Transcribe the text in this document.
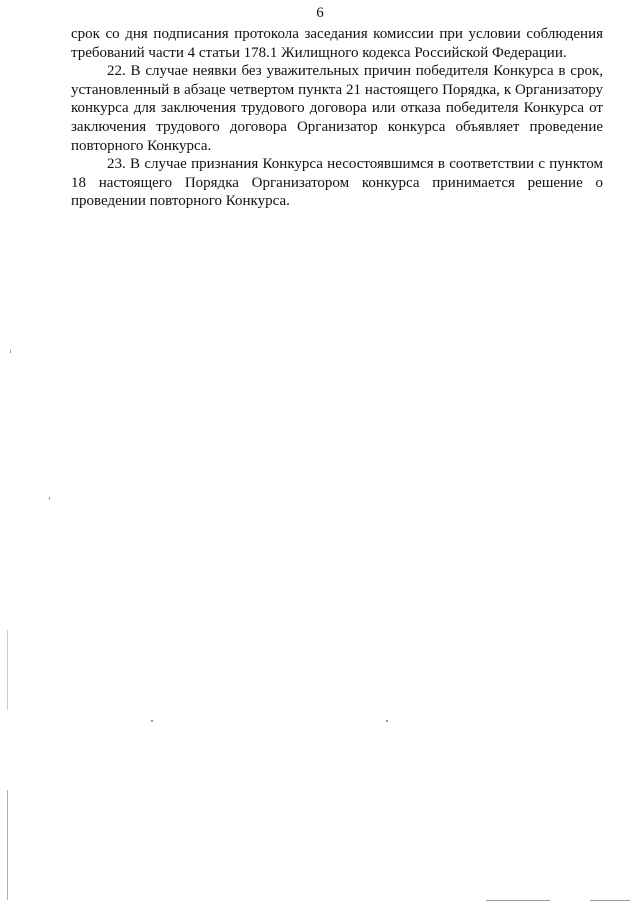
6

срок со дня подписания протокола заседания комиссии при условии соблюдения требований части 4 статьи 178.1 Жилищного кодекса Российской Федерации.

22. В случае неявки без уважительных причин победителя Конкурса в срок, установленный в абзаце четвертом пункта 21 настоящего Порядка, к Организатору конкурса для заключения трудового договора или отказа победителя Конкурса от заключения трудового договора Организатор конкурса объявляет проведение повторного Конкурса.

23. В случае признания Конкурса несостоявшимся в соответствии с пунктом 18 настоящего Порядка Организатором конкурса принимается решение о проведении повторного Конкурса.
